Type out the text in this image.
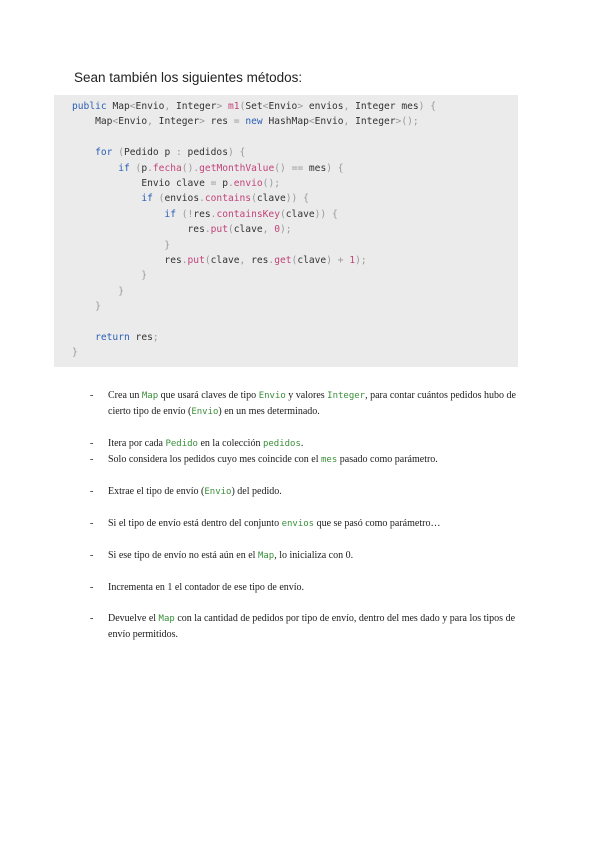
Sean también los siguientes métodos:
public Map<Envio, Integer> m1(Set<Envio> envios, Integer mes) {
Map<Envio, Integer> res = new HashMap<Envio, Integer>();

for (Pedido p : pedidos) {
if (p.fecha().getMonthValue() == mes) {
Envio clave = p.envio();
if (envios.contains(clave)) {
if (!res.containsKey(clave)) {
res.put(clave, 0);
}
res.put(clave, res.get(clave) + 1);
}
}
}

return res;
}
- Crea un Map que usará claves de tipo Envio y valores Integer, para contar cuántos pedidos hubo de cierto tipo de envío (Envio) en un mes determinado.
- Itera por cada Pedido en la colección pedidos.
- Solo considera los pedidos cuyo mes coincide con el mes pasado como parámetro.
- Extrae el tipo de envío (Envio) del pedido.
- Si el tipo de envío está dentro del conjunto envios que se pasó como parámetro…
- Si ese tipo de envío no está aún en el Map, lo inicializa con 0.
- Incrementa en 1 el contador de ese tipo de envío.
- Devuelve el Map con la cantidad de pedidos por tipo de envío, dentro del mes dado y para los tipos de envío permitidos.
